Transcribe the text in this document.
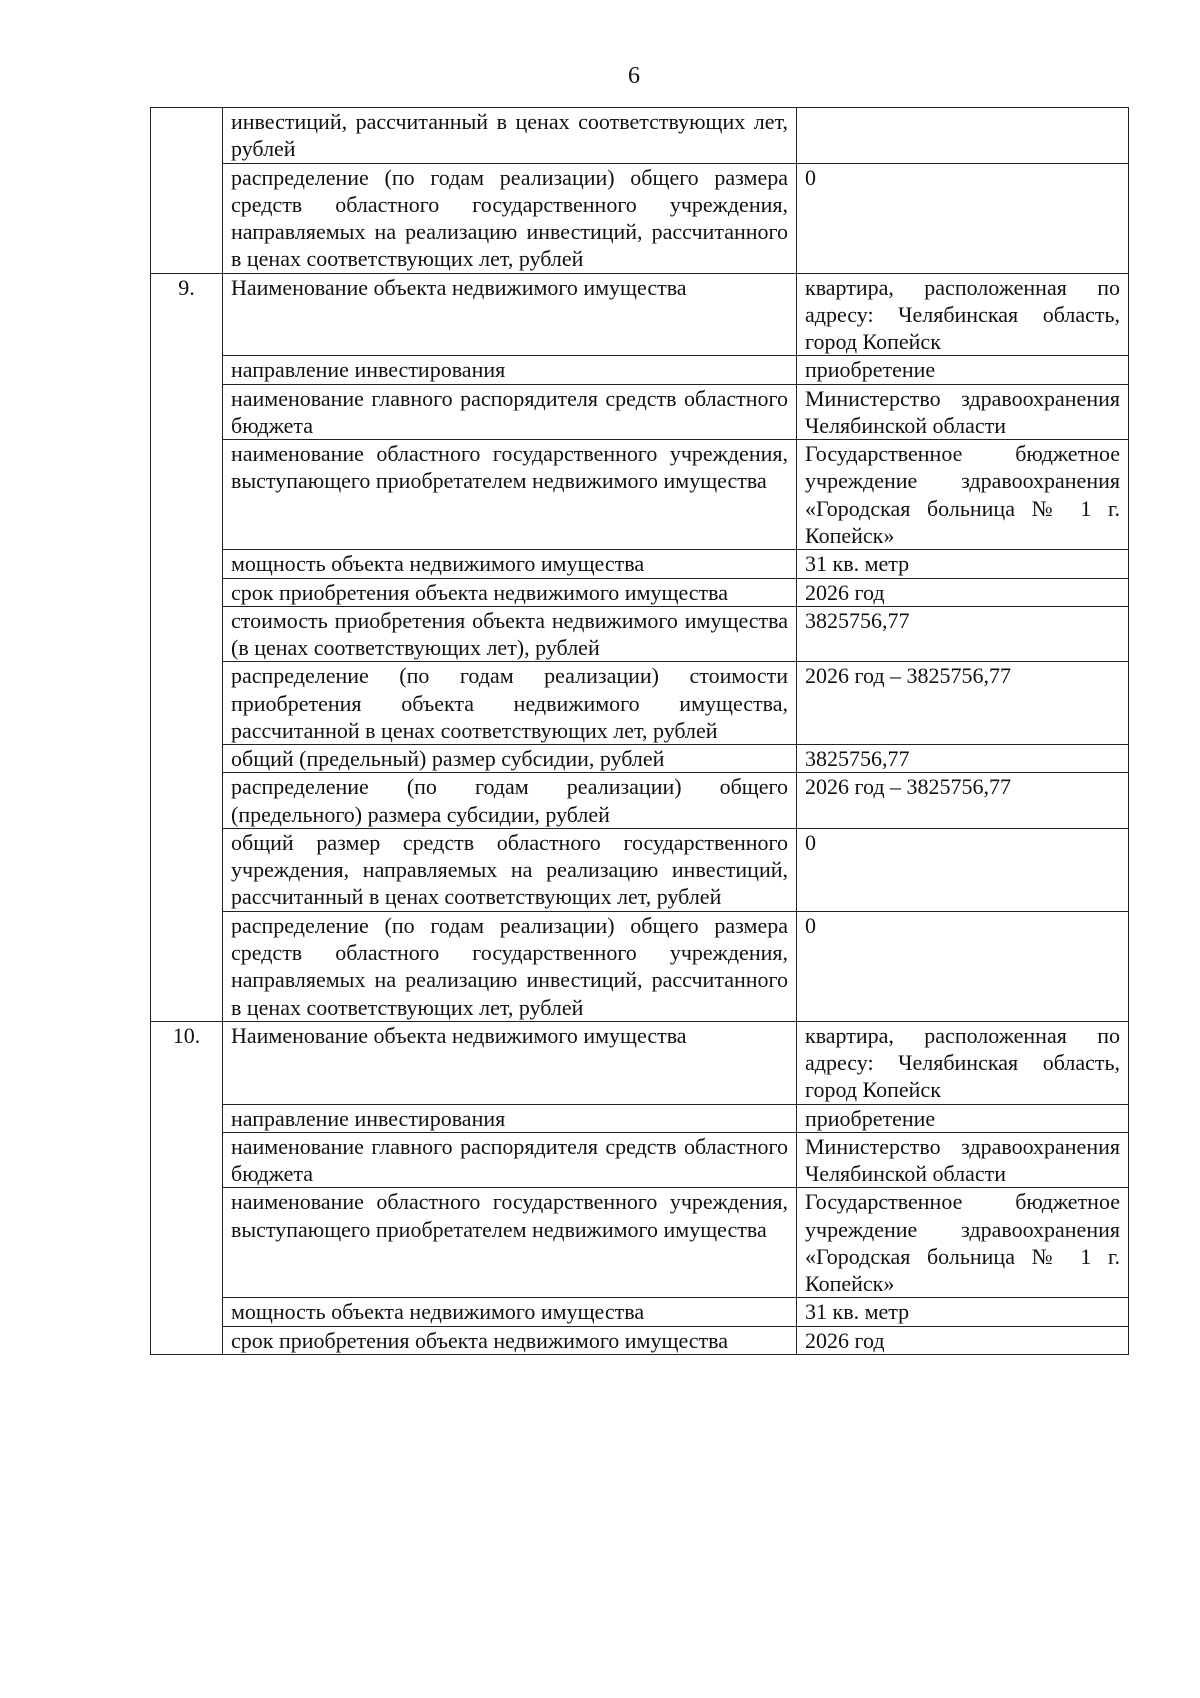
6
	инвестиций, рассчитанный в ценах соответствующих лет, рублей	
	распределение (по годам реализации) общего размера средств областного государственного учреждения, направляемых на реализацию инвестиций, рассчитанного в ценах соответствующих лет, рублей	0
9.	Наименование объекта недвижимого имущества	квартира, расположенная по адресу: Челябинская область, город Копейск
	направление инвестирования	приобретение
	наименование главного распорядителя средств областного бюджета	Министерство здравоохранения Челябинской области
	наименование областного государственного учреждения, выступающего приобретателем недвижимого имущества	Государственное бюджетное учреждение здравоохранения «Городская больница № 1 г. Копейск»
	мощность объекта недвижимого имущества	31 кв. метр
	срок приобретения объекта недвижимого имущества	2026 год
	стоимость приобретения объекта недвижимого имущества (в ценах соответствующих лет), рублей	3825756,77
	распределение (по годам реализации) стоимости приобретения объекта недвижимого имущества, рассчитанной в ценах соответствующих лет, рублей	2026 год – 3825756,77
	общий (предельный) размер субсидии, рублей	3825756,77
	распределение (по годам реализации) общего (предельного) размера субсидии, рублей	2026 год – 3825756,77
	общий размер средств областного государственного учреждения, направляемых на реализацию инвестиций, рассчитанный в ценах соответствующих лет, рублей	0
	распределение (по годам реализации) общего размера средств областного государственного учреждения, направляемых на реализацию инвестиций, рассчитанного в ценах соответствующих лет, рублей	0
10.	Наименование объекта недвижимого имущества	квартира, расположенная по адресу: Челябинская область, город Копейск
	направление инвестирования	приобретение
	наименование главного распорядителя средств областного бюджета	Министерство здравоохранения Челябинской области
	наименование областного государственного учреждения, выступающего приобретателем недвижимого имущества	Государственное бюджетное учреждение здравоохранения «Городская больница № 1 г. Копейск»
	мощность объекта недвижимого имущества	31 кв. метр
	срок приобретения объекта недвижимого имущества	2026 год
